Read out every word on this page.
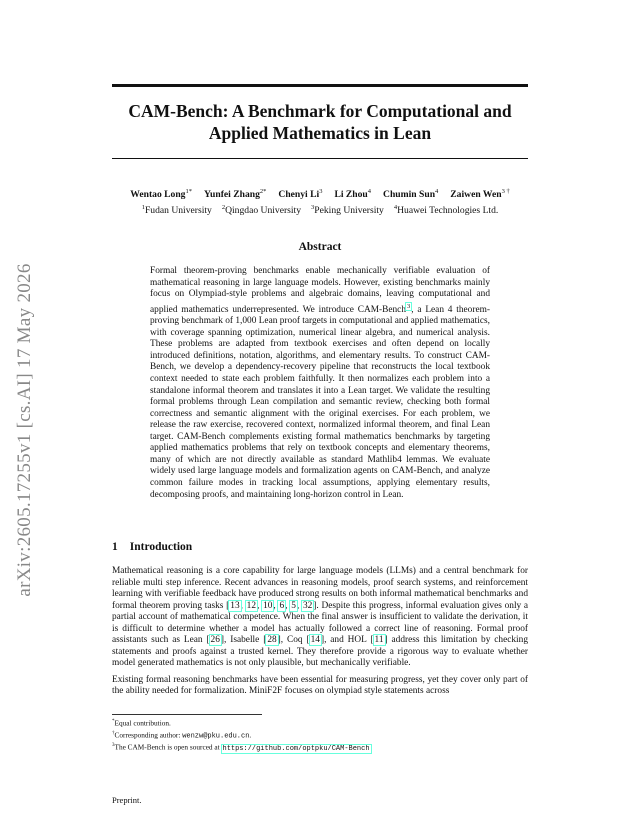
arXiv:2605.17255v1 [cs.AI] 17 May 2026
CAM-Bench: A Benchmark for Computational and
Applied Mathematics in Lean
Wentao Long$^{1*}$ Yunfei Zhang$^{2*}$ Chenyi Li$^3$ Li Zhou$^4$ Chumin Sun$^4$ Zaiwen Wen$^{3 \dagger}$
$^1$Fudan University $^2$Qingdao University $^3$Peking University $^4$Huawei Technologies Ltd.
Abstract
Formal theorem-proving benchmarks enable mechanically verifiable evaluation of mathematical reasoning in large language models. However, existing benchmarks mainly focus on Olympiad-style problems and algebraic domains, leaving computational and applied mathematics underrepresented. We introduce CAM-Bench$^3$, a Lean 4 theorem-proving benchmark of 1,000 Lean proof targets in computational and applied mathematics, with coverage spanning optimization, numerical linear algebra, and numerical analysis. These problems are adapted from textbook exercises and often depend on locally introduced definitions, notation, algorithms, and elementary results. To construct CAM-Bench, we develop a dependency-recovery pipeline that reconstructs the local textbook context needed to state each problem faithfully. It then normalizes each problem into a standalone informal theorem and translates it into a Lean target. We validate the resulting formal problems through Lean compilation and semantic review, checking both formal correctness and semantic alignment with the original exercises. For each problem, we release the raw exercise, recovered context, normalized informal theorem, and final Lean target. CAM-Bench complements existing formal mathematics benchmarks by targeting applied mathematics problems that rely on textbook concepts and elementary theorems, many of which are not directly available as standard Mathlib4 lemmas. We evaluate widely used large language models and formalization agents on CAM-Bench, and analyze common failure modes in tracking local assumptions, applying elementary results, decomposing proofs, and maintaining long-horizon control in Lean.
1 Introduction

Mathematical reasoning is a core capability for large language models (LLMs) and a central benchmark for reliable multi step inference. Recent advances in reasoning models, proof search systems, and reinforcement learning with verifiable feedback have produced strong results on both informal mathematical benchmarks and formal theorem proving tasks [13, 12, 10, 6, 5, 32]. Despite this progress, informal evaluation gives only a partial account of mathematical competence. When the final answer is insufficient to validate the derivation, it is difficult to determine whether a model has actually followed a correct line of reasoning. Formal proof assistants such as Lean [26], Isabelle [28], Coq [14], and HOL [11] address this limitation by checking statements and proofs against a trusted kernel. They therefore provide a rigorous way to evaluate whether model generated mathematics is not only plausible, but mechanically verifiable.

Existing formal reasoning benchmarks have been essential for measuring progress, yet they cover only part of the ability needed for formalization. MiniF2F focuses on olympiad style statements across

*Equal contribution.
†Corresponding author: wenzw@pku.edu.cn.
$^3$The CAM-Bench is open sourced at https://github.com/optpku/CAM-Bench
Preprint.
